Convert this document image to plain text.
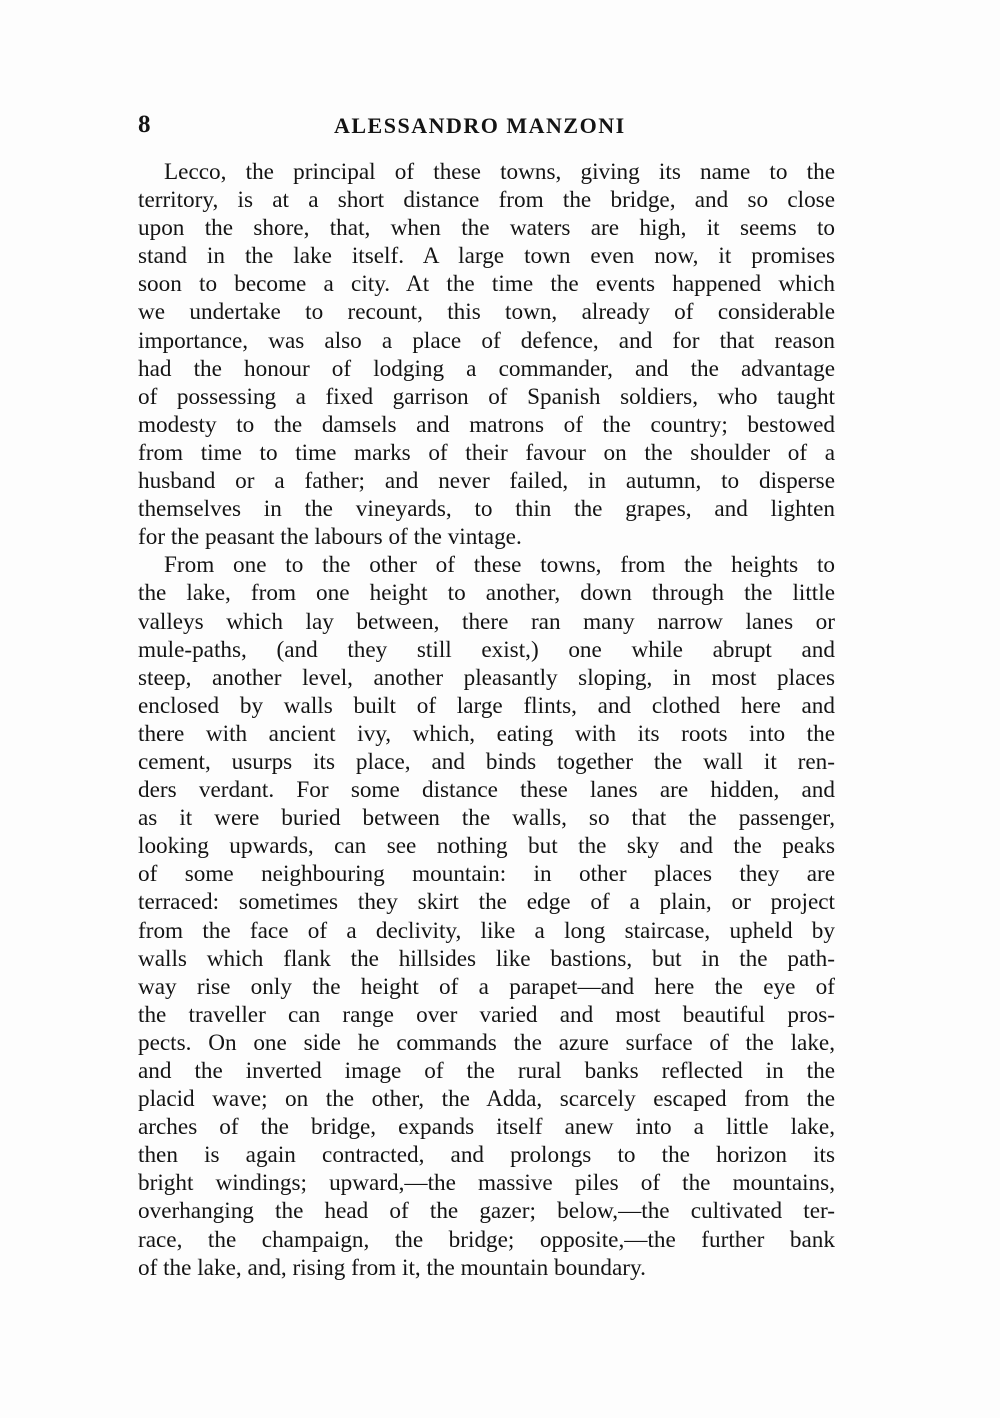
8	ALESSANDRO MANZONI
Lecco, the principal of these towns, giving its name to the
territory, is at a short distance from the bridge, and so close
upon the shore, that, when the waters are high, it seems to
stand in the lake itself. A large town even now, it promises
soon to become a city. At the time the events happened which
we undertake to recount, this town, already of considerable
importance, was also a place of defence, and for that reason
had the honour of lodging a commander, and the advantage
of possessing a fixed garrison of Spanish soldiers, who taught
modesty to the damsels and matrons of the country; bestowed
from time to time marks of their favour on the shoulder of a
husband or a father; and never failed, in autumn, to disperse
themselves in the vineyards, to thin the grapes, and lighten
for the peasant the labours of the vintage.
From one to the other of these towns, from the heights to
the lake, from one height to another, down through the little
valleys which lay between, there ran many narrow lanes or
mule-paths, (and they still exist,) one while abrupt and
steep, another level, another pleasantly sloping, in most places
enclosed by walls built of large flints, and clothed here and
there with ancient ivy, which, eating with its roots into the
cement, usurps its place, and binds together the wall it ren-
ders verdant. For some distance these lanes are hidden, and
as it were buried between the walls, so that the passenger,
looking upwards, can see nothing but the sky and the peaks
of some neighbouring mountain: in other places they are
terraced: sometimes they skirt the edge of a plain, or project
from the face of a declivity, like a long staircase, upheld by
walls which flank the hillsides like bastions, but in the path-
way rise only the height of a parapet—and here the eye of
the traveller can range over varied and most beautiful pros-
pects. On one side he commands the azure surface of the lake,
and the inverted image of the rural banks reflected in the
placid wave; on the other, the Adda, scarcely escaped from the
arches of the bridge, expands itself anew into a little lake,
then is again contracted, and prolongs to the horizon its
bright windings; upward,—the massive piles of the mountains,
overhanging the head of the gazer; below,—the cultivated ter-
race, the champaign, the bridge; opposite,—the further bank
of the lake, and, rising from it, the mountain boundary.
